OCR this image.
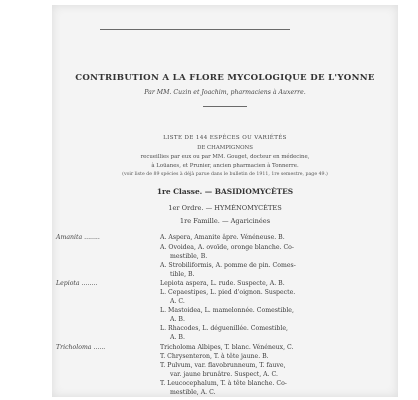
CONTRIBUTION A LA FLORE MYCOLOGIQUE DE L'YONNE
Par MM. Cuzin et Joachim, pharmaciens à Auxerre.
LISTE DE 144 ESPÈCES OU VARIÉTÉS
DE CHAMPIGNONS
recueillies par eux ou par MM. Gouget, docteur en médecine,
à Loüanes, et Prunier, ancien pharmacien à Tonnerre.
(voir liste de 89 spécies à déjà parue dans le bulletin de 1911, 1re semestre, page 49.)
1re Classe. — BASIDIOMYCÈTES
1er Ordre. — HYMÉNOMYCÈTES
1re Famille. — Agaricinées
Amanita ........	A. Aspera, Amanite âpre. Vénéneuse. B.
A. Ovoidea, A. ovoïde, oronge blanche. Co-
mestible, B.
A. Strobiliformis, A. pomme de pin. Comes-
tible, B.
Lepiota ........	Lepiota aspera, L. rude. Suspecte, A. B.
L. Cepaestipes, L. pied d'oignon. Suspecte.
A. C.
L. Mastoidea, L. mamelonnée. Comestible,
A. B.
L. Rhacodes, L. déguenillée. Comestible,
A. B.
Tricholoma ......	Tricholoma Albipes, T. blanc. Vénéneux, C.
T. Chrysenteron, T. à tête jaune. B.
T. Pulvum, var. flavobrunneum, T. fauve,
var. jaune brunâtre. Suspect, A. C.
T. Leucocephalum, T. à tête blanche. Co-
mestible, A. C.
